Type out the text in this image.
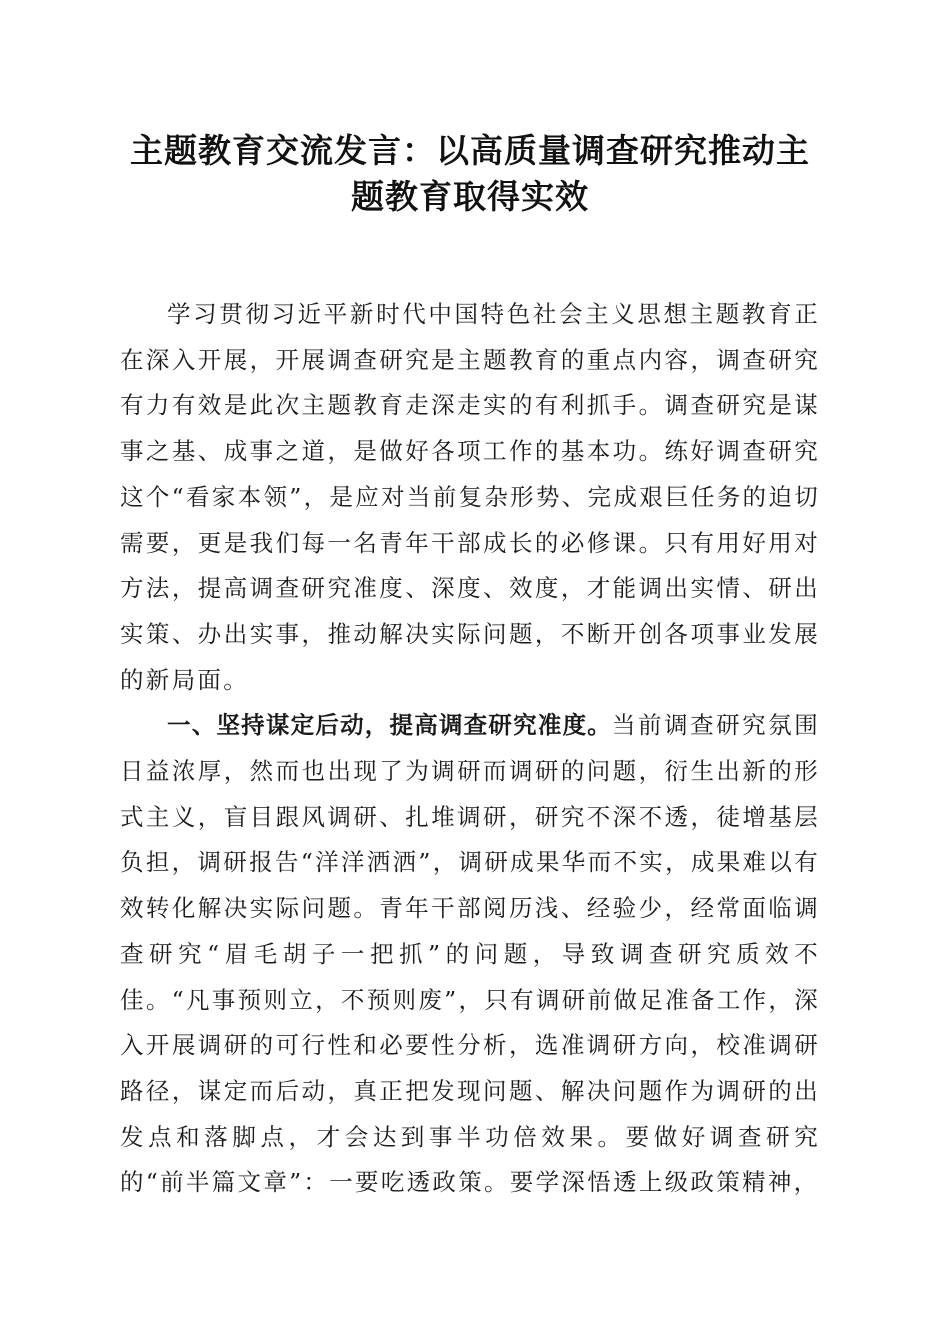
主题教育交流发言：以高质量调查研究推动主题教育取得实效

学习贯彻习近平新时代中国特色社会主义思想主题教育正在深入开展，开展调查研究是主题教育的重点内容，调查研究有力有效是此次主题教育走深走实的有利抓手。调查研究是谋事之基、成事之道，是做好各项工作的基本功。练好调查研究这个“看家本领”，是应对当前复杂形势、完成艰巨任务的迫切需要，更是我们每一名青年干部成长的必修课。只有用好用对方法，提高调查研究准度、深度、效度，才能调出实情、研出实策、办出实事，推动解决实际问题，不断开创各项事业发展的新局面。

一、坚持谋定后动，提高调查研究准度。当前调查研究氛围日益浓厚，然而也出现了为调研而调研的问题，衍生出新的形式主义，盲目跟风调研、扎堆调研，研究不深不透，徒增基层负担，调研报告“洋洋洒洒”，调研成果华而不实，成果难以有效转化解决实际问题。青年干部阅历浅、经验少，经常面临调查研究“眉毛胡子一把抓”的问题，导致调查研究质效不佳。“凡事预则立，不预则废”，只有调研前做足准备工作，深入开展调研的可行性和必要性分析，选准调研方向，校准调研路径，谋定而后动，真正把发现问题、解决问题作为调研的出发点和落脚点，才会达到事半功倍效果。要做好调查研究的“前半篇文章”：一要吃透政策。要学深悟透上级政策精神，
